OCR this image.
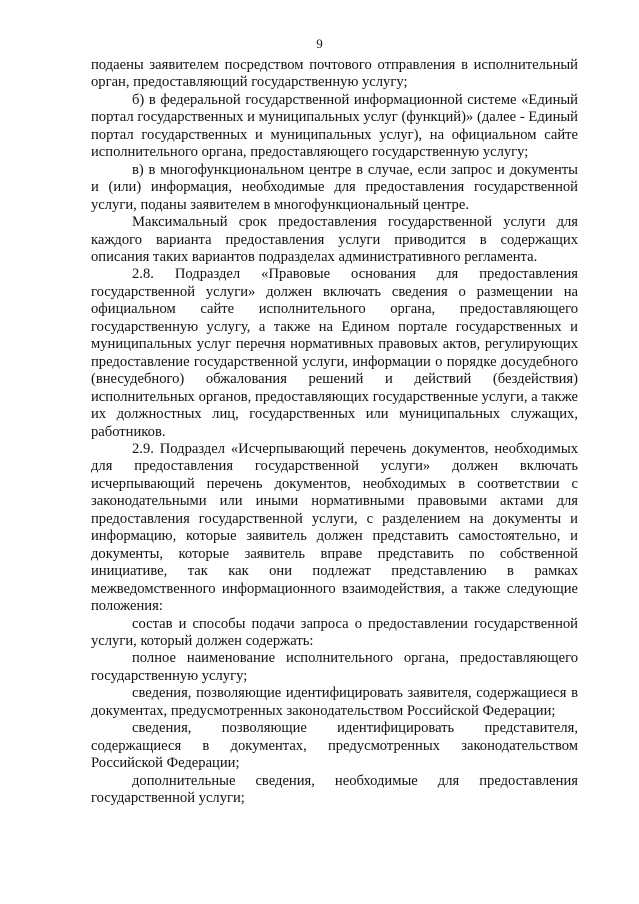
9

подаены заявителем посредством почтового отправления в исполнительный орган, предоставляющий государственную услугу;

б) в федеральной государственной информационной системе «Единый портал государственных и муниципальных услуг (функций)» (далее - Единый портал государственных и муниципальных услуг), на официальном сайте исполнительного органа, предоставляющего государственную услугу;

в) в многофункциональном центре в случае, если запрос и документы и (или) информация, необходимые для предоставления государственной услуги, поданы заявителем в многофункциональный центре.

Максимальный срок предоставления государственной услуги для каждого варианта предоставления услуги приводится в содержащих описания таких вариантов подразделах административного регламента.

2.8. Подраздел «Правовые основания для предоставления государственной услуги» должен включать сведения о размещении на официальном сайте исполнительного органа, предоставляющего государственную услугу, а также на Едином портале государственных и муниципальных услуг перечня нормативных правовых актов, регулирующих предоставление государственной услуги, информации о порядке досудебного (внесудебного) обжалования решений и действий (бездействия) исполнительных органов, предоставляющих государственные услуги, а также их должностных лиц, государственных или муниципальных служащих, работников.

2.9. Подраздел «Исчерпывающий перечень документов, необходимых для предоставления государственной услуги» должен включать исчерпывающий перечень документов, необходимых в соответствии с законодательными или иными нормативными правовыми актами для предоставления государственной услуги, с разделением на документы и информацию, которые заявитель должен представить самостоятельно, и документы, которые заявитель вправе представить по собственной инициативе, так как они подлежат представлению в рамках межведомственного информационного взаимодействия, а также следующие положения:

состав и способы подачи запроса о предоставлении государственной услуги, который должен содержать:

полное наименование исполнительного органа, предоставляющего государственную услугу;

сведения, позволяющие идентифицировать заявителя, содержащиеся в документах, предусмотренных законодательством Российской Федерации;

сведения, позволяющие идентифицировать представителя, содержащиеся в документах, предусмотренных законодательством Российской Федерации;

дополнительные сведения, необходимые для предоставления государственной услуги;
